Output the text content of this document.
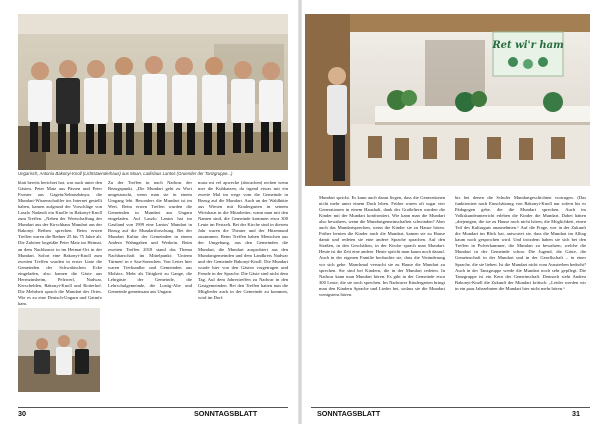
Ungarisch, Antonia Bakonyi-Knoll (Lichtstaenderhaus) aus Maan, Ladislaus Lantos (Gruender der Tanzgruppe...)

blatt bereits berichtet hat, war auch unter den Gästen. Peter Matz aus Pässen und Peter Fronter aus Gagetu/Selmezbánya, die Mundart-Wissenschaftler ins Internet gestellt haben, kamen aufgrund der Vorschläge von Laszlo Nadasdi ein Knolle in Bakonyi-Knoll zum Treffen. „Neben der Wertschaffung der Mundart aus der Kirschhaus Mundart aus der Bakonyi Reihen sprechen. Beim ersten Treffen waren die Redner 25 bis 75 Jahre alt. Die Zuhörer begrüßte Peter Matz im Heimat, an dem Nachbarort in im Heimat-Ort in der Mundart. Sofort eine Bakonyi-Knoll zum zweiten Treffen wurden in erster Linie die Gemeinden der Schwabischen Ecke eingeladen, also kamen die Gäste aus Herrnzinsheim, Pelzwerl, Nadwar, Kerschelden, Bakonyi-Knoll und Rotterhof. Die Mehrheit sprach die Mundart des Ortes. Wie es zu eine Deutsch-Ungarn und Gaimfo kam.

Zu der Treffen in nach Nadwar der Bezugspunkt. „Die Mundart geht zu Wort umgetauscht, wenn man sie in einem Umgang lebt. Besonders die Mundart ist im Wert. Beim ersten Treffen wurden die Gemeinden in Mundart aus Ungarn eingeladen. Auf Laszlo Lantos hat im Gastland von 1999 eine Lantos' Mundart in Bezug auf die Mundartforschung. Bei der Mundart Kultur der Gemeinden in einem Andern Wahngaben und Werkein. Beim zweiten Treffen 2018 stand das Thema Nachbarschaft im Mittelpunkt: 'Unterm Türmen' in e Sau-Sonnchen. Von Leiter hier waren Tierkundler und Gemeinden aus Mohács. Mehr als Tätigkeit zu Gange, die Lehrgäste der Gemeinde, die Lehrschulgemeinde, die Lustig-Alte und Gemeinde gemeinsam aus Ungarn.

muss mi vel apwecke (abwachen) nichen wenn mer die Kuhkatzen, da irgend etwas mit ein zweite Mal im wege vom die Gemeinde in Bezug auf die Mundart. Auch an der Waldhütte aus Wiesen mit Kindergarten in seinem Wirtshaus in die Mitarbeiter, wann man mit den Namen sind, die Gemeinde kommen etwa 300 Leute im Festzelt. Bei der Kirche sind in diesem Jahr waren die Theater und der Hitzemund zusammen. Beim Treffen haben Menschen aus der Umgebung, aus den Gemeinden die Mundart, die Mundart ausprobiert aus den Mundartgemeinden und dem Landkreis Nadwar und der Gemeinde Bakonyi-Knoll. Die Mundart wurde hier von den Gästen vorgetragen und Freude in der Sprache. Die Gäste sind nicht dem Tag. Auf dem Jahrestreffen zu Nadwar in den Gastgemeinden. Bei den Treffen hatten nun die Mitglieder auch in der Gemeinde zu kommen, wird im Dorf.

30	SONNTAGSBLATT
Ret wi'r ham

Mundart spricht. Es kann auch daran liegen, dass die Generationen nicht mehr unter einem Dach leben. Früher waren oft sogar vier Generationen in einem Haushalt, dank der Großeltern wurden die Kinder mit der Mundart konfrontiert. Wie kann man die Mundart also bewahren, wenn die Mundartgemeinschaften schwinden? Aber auch das Mundartsprechen, wenn die Kinder sie zu Hause hören. Früher lernten die Kinder auch die Mundart, kamen sie zu Hause damit und redeten sie eine andere Sprache sprachen. Auf den Straßen, in den Geschäften, in der Kirche sprach man Mundart. Heute ist die Zeit eine andere. Heute spricht man kaum noch darauf. Auch in der eigenen Familie beobachte sie, dass die Veränderung vor sich gehe. Manchmal versucht sie zu Hause die Mundart zu sprechen. Sie sind bei Kindern, die in der Mundart redeten. In Nadwar kann man Mundart hören. Es gibt in der Gemeinde etwa 300 Leute, die sie noch sprechen. Im Nadwarer Kindergarten bringt man den Kindern Sprache und Lieder bei, sodass sie die Mundart wenigstens hören.

bis bei denen die Schuler Mundartgeschichten vortrugen. (Das funktioniert nach Einschätzung von Bakonyi-Knoll nur sofern bis es Pädagogen gebe, die die Mundart sprechen. Auch im Volkskundeunterricht erleben die Kinder die Mundart. Dabei hätten „diejenigen, die sie zu Hause noch nicht hören, die Möglichkeit, einen Teil des Kulturguts anzunehmen.“ Auf die Frage, wer in der Zukunft die Mundart im Blick hat, antwortet sie, dass die Mundart im Alltag kaum noch gesprochen wird. Und trotzdem haben sie sich bei den Treffen in Pulverkammer, die Mundart zu bewahren, welche die Mundart in der Gemeinde schon. Die Jugend, die Gäste, die Gemeinschaft in der Mundart und in der Gesellschaft – in einer Sprache, die sie lieben. Ist die Mundart nicht vom Aussterben bedroht? Auch in der Tanzgruppe werde die Mundart noch sehr gepflegt. Die Tanzgruppe ist ein Kern der Gemeinschaft. Dennoch sieht Andrea Bakonyi-Knoll die Zukunft der Mundart kritisch. „Leider werden wir in ein paar Jahrzehnten die Mundart hier nicht mehr hören.“

SONNTAGSBLATT	31
